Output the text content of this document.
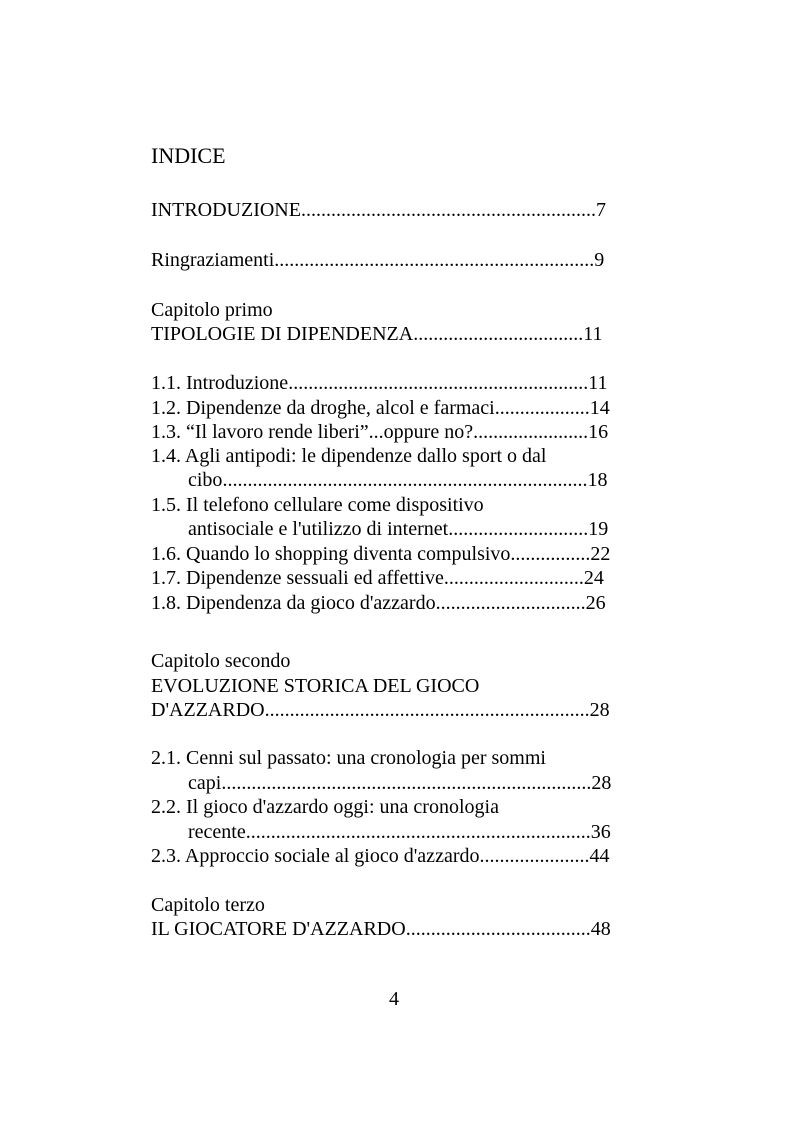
INDICE
INTRODUZIONE...........................................................7
Ringraziamenti................................................................9
Capitolo primo
TIPOLOGIE DI DIPENDENZA..................................11
1.1. Introduzione............................................................11
1.2. Dipendenze da droghe, alcol e farmaci...................14
1.3. “Il lavoro rende liberi”...oppure no?.......................16
1.4. Agli antipodi: le dipendenze dallo sport o dal
cibo.........................................................................18
1.5. Il telefono cellulare come dispositivo
antisociale e l'utilizzo di internet............................19
1.6. Quando lo shopping diventa compulsivo................22
1.7. Dipendenze sessuali ed affettive............................24
1.8. Dipendenza da gioco d'azzardo..............................26
Capitolo secondo
EVOLUZIONE STORICA DEL GIOCO
D'AZZARDO.................................................................28
2.1. Cenni sul passato: una cronologia per sommi
capi..........................................................................28
2.2. Il gioco d'azzardo oggi: una cronologia
recente.....................................................................36
2.3. Approccio sociale al gioco d'azzardo......................44
Capitolo terzo
IL GIOCATORE D'AZZARDO.....................................48
4
